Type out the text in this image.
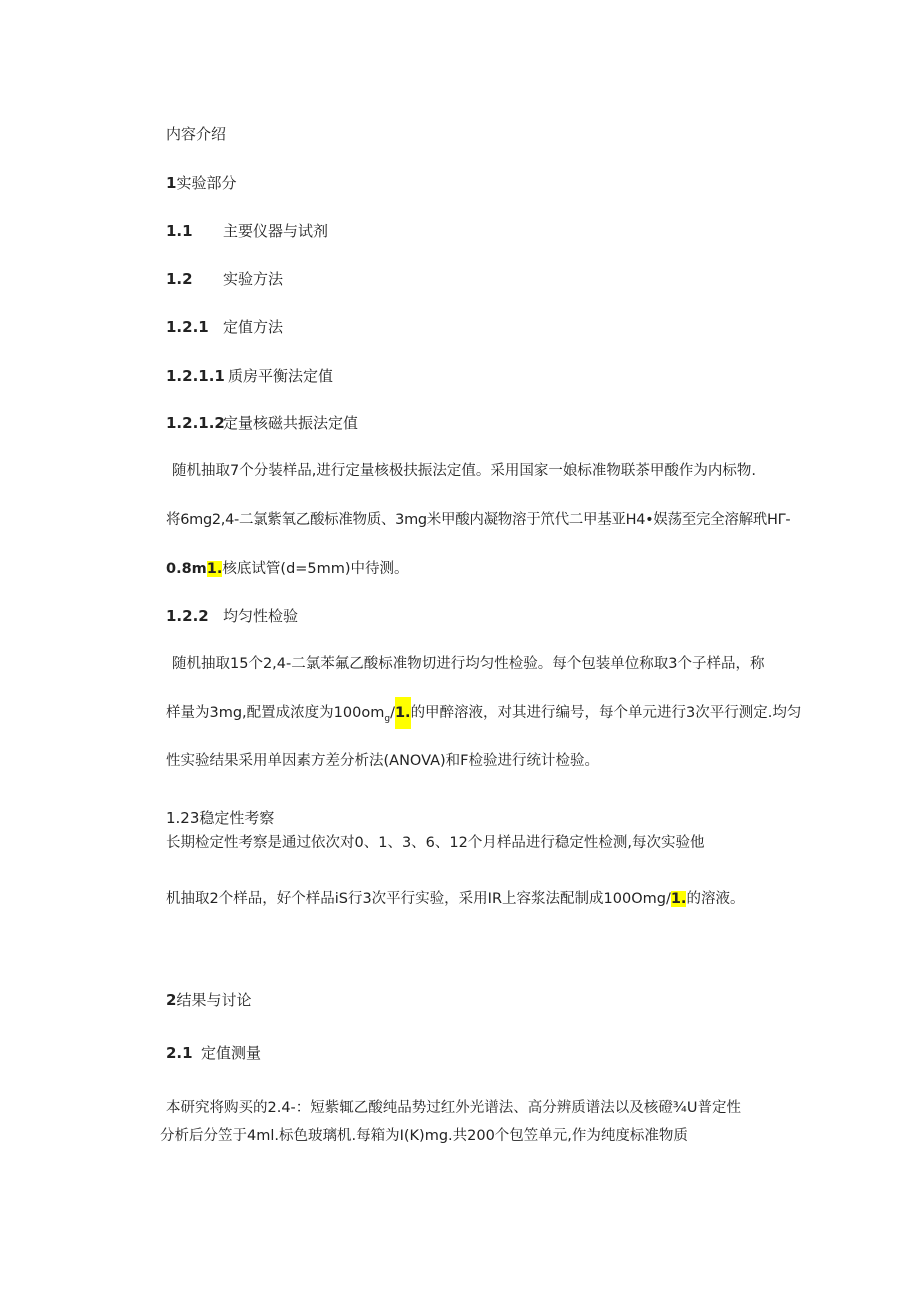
内容介绍
1实验部分
1.1 主要仪器与试剂
1.2 实验方法
1.2.1 定值方法
1.2.1.1 质房平衡法定值
1.2.1.2定量核磁共振法定值
随机抽取7个分装样品,进行定量核极扶振法定值。采用国家一娘标准物联茶甲酸作为内标物.
将6mg2,4-二氯紫氧乙酸标准物质、3mg米甲酸内凝物溶于笊代二甲基亚H4•娱荡至完全溶解玳HΓ-
0.8m1.核底试管(d=5mm)中待测。
1.2.2 均匀性检验
随机抽取15个2,4-二氯苯氟乙酸标准物切进行均匀性检验。每个包装单位称取3个子样品，称
样量为3mg,配置成浓度为$100om_g/1$.的甲醉溶液，对其进行编号，每个单元进行3次平行测定.均匀
性实验结果采用单因素方差分析法(ANOVA)和F检验进行统计检验。
1.23稳定性考察
长期检定性考察是通过依次对0、1、3、6、12个月样品进行稳定性检测,每次实验他
机抽取2个样品，好个样品iS行3次平行实验，采用IR上容浆法配制成100Omg/1.的溶液。
2结果与讨论
2.1 定值测量
本研究将购买的2.4-：短紫辄乙酸纯品势过红外光谱法、高分辨质谱法以及核磴¾U普定性
分析后分笠于4ml.标色玻璃机.每箱为I(K)mg.共200个包笠单元,作为纯度标准物质
